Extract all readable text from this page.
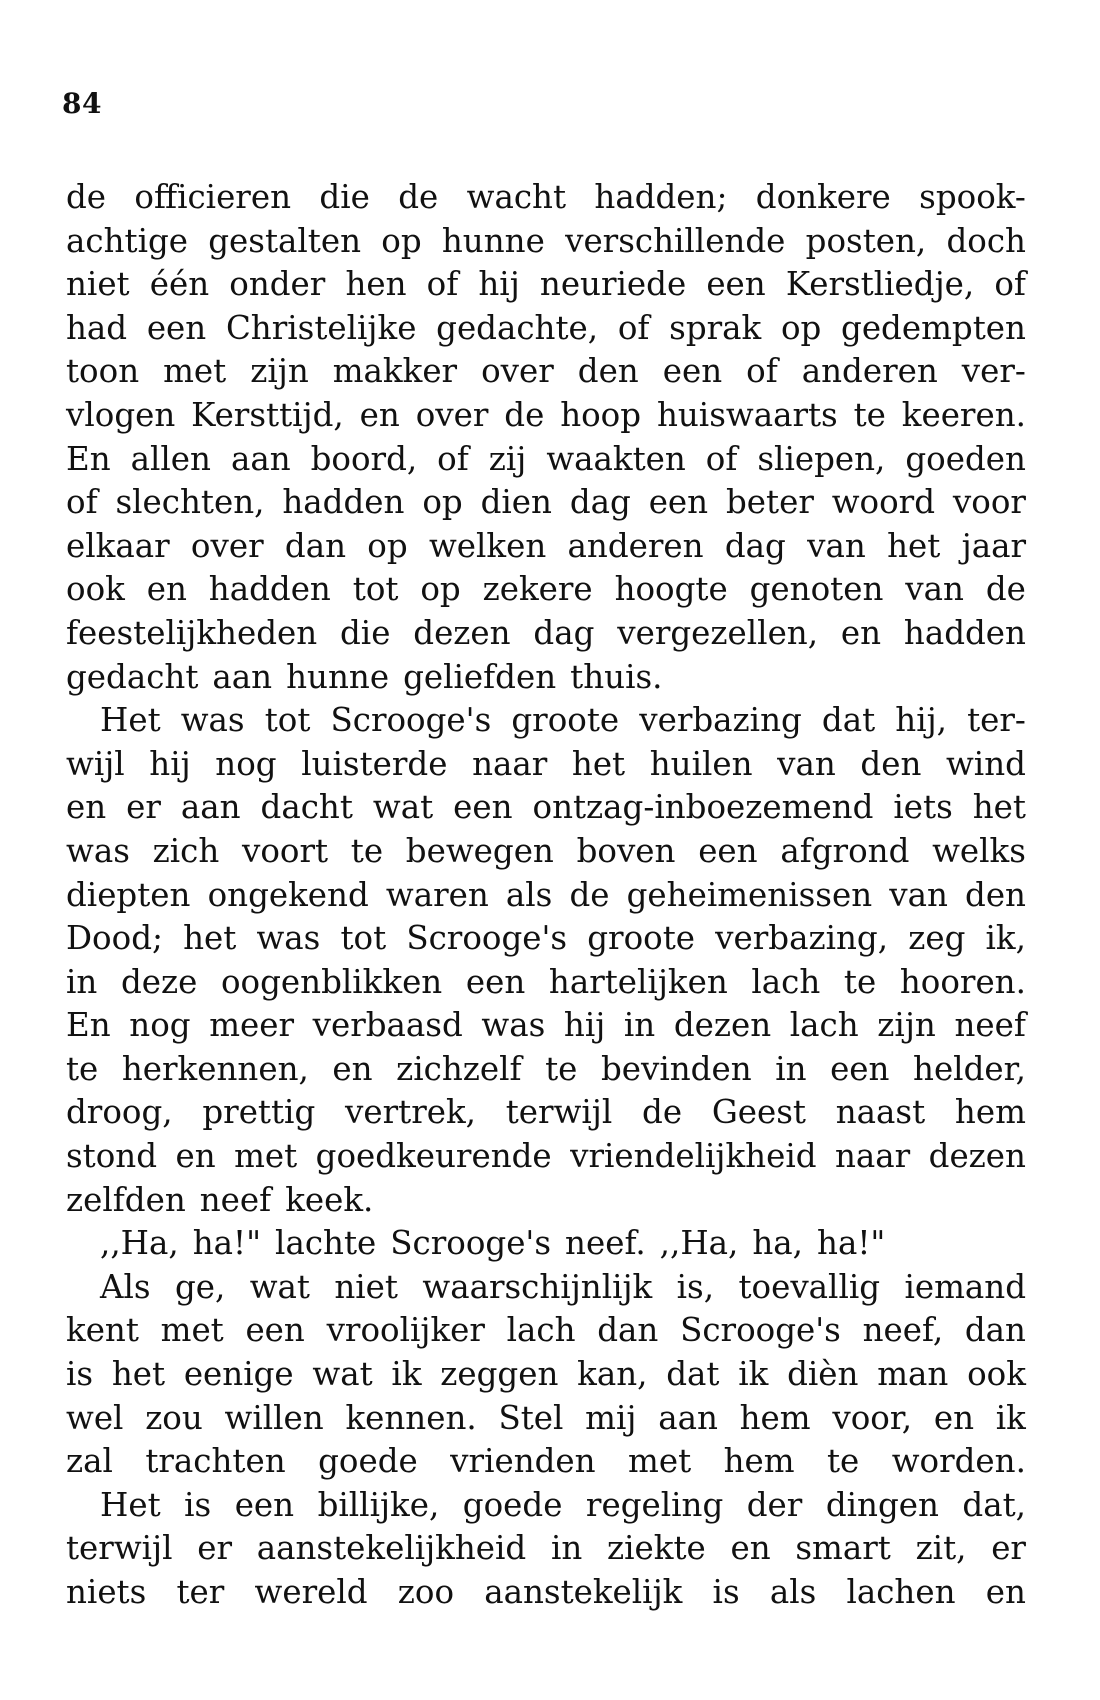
84
de officieren die de wacht hadden; donkere spook-
achtige gestalten op hunne verschillende posten, doch
niet één onder hen of hij neuriede een Kerstliedje, of
had een Christelijke gedachte, of sprak op gedempten
toon met zijn makker over den een of anderen ver-
vlogen Kersttijd, en over de hoop huiswaarts te keeren.
En allen aan boord, of zij waakten of sliepen, goeden
of slechten, hadden op dien dag een beter woord voor
elkaar over dan op welken anderen dag van het jaar
ook en hadden tot op zekere hoogte genoten van de
feestelijkheden die dezen dag vergezellen, en hadden
gedacht aan hunne geliefden thuis.
Het was tot Scrooge's groote verbazing dat hij, ter-
wijl hij nog luisterde naar het huilen van den wind
en er aan dacht wat een ontzag-inboezemend iets het
was zich voort te bewegen boven een afgrond welks
diepten ongekend waren als de geheimenissen van den
Dood; het was tot Scrooge's groote verbazing, zeg ik,
in deze oogenblikken een hartelijken lach te hooren.
En nog meer verbaasd was hij in dezen lach zijn neef
te herkennen, en zichzelf te bevinden in een helder,
droog, prettig vertrek, terwijl de Geest naast hem
stond en met goedkeurende vriendelijkheid naar dezen
zelfden neef keek.
,,Ha, ha!" lachte Scrooge's neef. ,,Ha, ha, ha!"
Als ge, wat niet waarschijnlijk is, toevallig iemand
kent met een vroolijker lach dan Scrooge's neef, dan
is het eenige wat ik zeggen kan, dat ik dièn man ook
wel zou willen kennen. Stel mij aan hem voor, en ik
zal trachten goede vrienden met hem te worden.
Het is een billijke, goede regeling der dingen dat,
terwijl er aanstekelijkheid in ziekte en smart zit, er
niets ter wereld zoo aanstekelijk is als lachen en
